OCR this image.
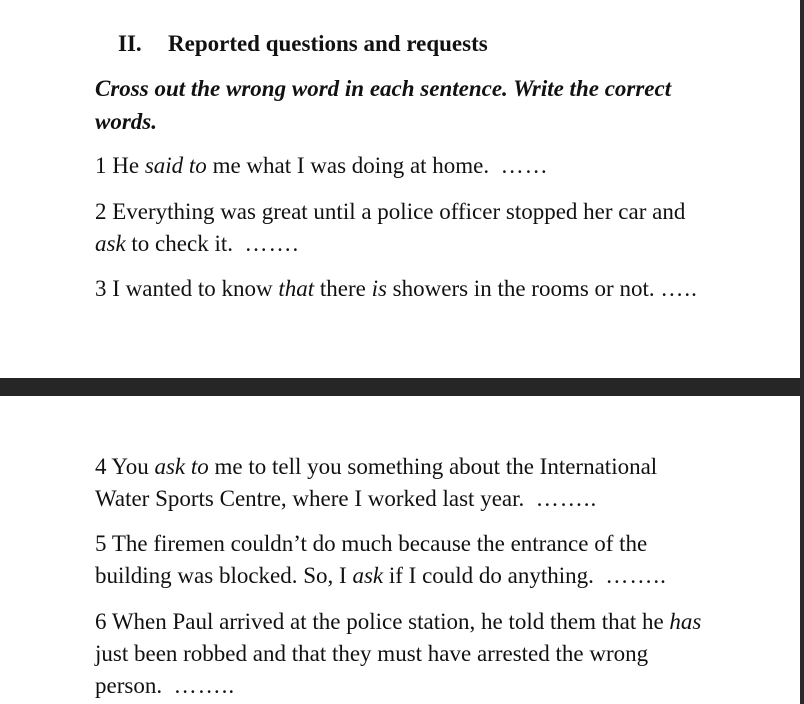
II. Reported questions and requests

Cross out the wrong word in each sentence. Write the correct
words.

1 He said to me what I was doing at home. ……

2 Everything was great until a police officer stopped her car and
ask to check it. …….

3 I wanted to know that there is showers in the rooms or not. …..

4 You ask to me to tell you something about the International
Water Sports Centre, where I worked last year. ……..

5 The firemen couldn’t do much because the entrance of the
building was blocked. So, I ask if I could do anything. ……..

6 When Paul arrived at the police station, he told them that he has
just been robbed and that they must have arrested the wrong
person. ……..
